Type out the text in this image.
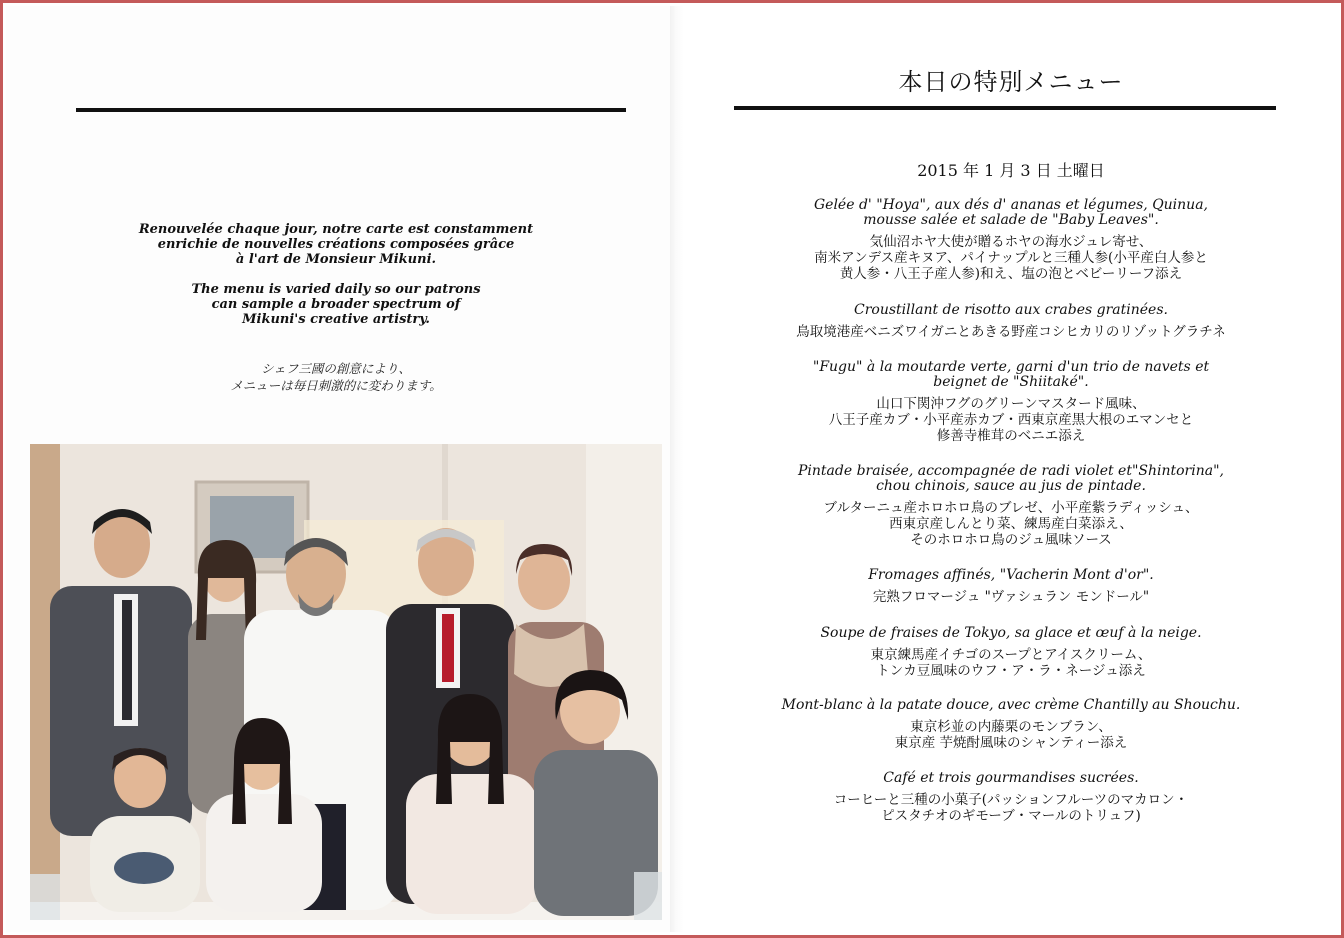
Renouvelée chaque jour, notre carte est constamment
enrichie de nouvelles créations composées grâce
à l'art de Monsieur Mikuni.
The menu is varied daily so our patrons
can sample a broader spectrum of
Mikuni's creative artistry.
シェフ三國の創意により、
メニューは毎日刺激的に変わります。
本日の特別メニュー
2015 年 1 月 3 日 土曜日
Gelée d' "Hoya", aux dés d' ananas et légumes, Quinua,
mousse salée et salade de "Baby Leaves".
気仙沼ホヤ大使が贈るホヤの海水ジュレ寄せ、
南米アンデス産キヌア、パイナップルと三種人参(小平産白人参と
黄人参・八王子産人参)和え、塩の泡とベビーリーフ添え
Croustillant de risotto aux crabes gratinées.
鳥取境港産ベニズワイガニとあきる野産コシヒカリのリゾットグラチネ
"Fugu" à la moutarde verte, garni d'un trio de navets et
beignet de "Shiitaké".
山口下関沖フグのグリーンマスタード風味、
八王子産カブ・小平産赤カブ・西東京産黒大根のエマンセと
修善寺椎茸のベニエ添え
Pintade braisée, accompagnée de radi violet et"Shintorina",
chou chinois, sauce au jus de pintade.
ブルターニュ産ホロホロ鳥のブレゼ、小平産紫ラディッシュ、
西東京産しんとり菜、練馬産白菜添え、
そのホロホロ鳥のジュ風味ソース
Fromages affinés, "Vacherin Mont d'or".
完熟フロマージュ "ヴァシュラン モンドール"
Soupe de fraises de Tokyo, sa glace et œuf à la neige.
東京練馬産イチゴのスープとアイスクリーム、
トンカ豆風味のウフ・ア・ラ・ネージュ添え
Mont-blanc à la patate douce, avec crème Chantilly au Shouchu.
東京杉並の内藤栗のモンブラン、
東京産 芋焼酎風味のシャンティー添え
Café et trois gourmandises sucrées.
コーヒーと三種の小菓子(パッションフルーツのマカロン・
ピスタチオのギモーブ・マールのトリュフ)
